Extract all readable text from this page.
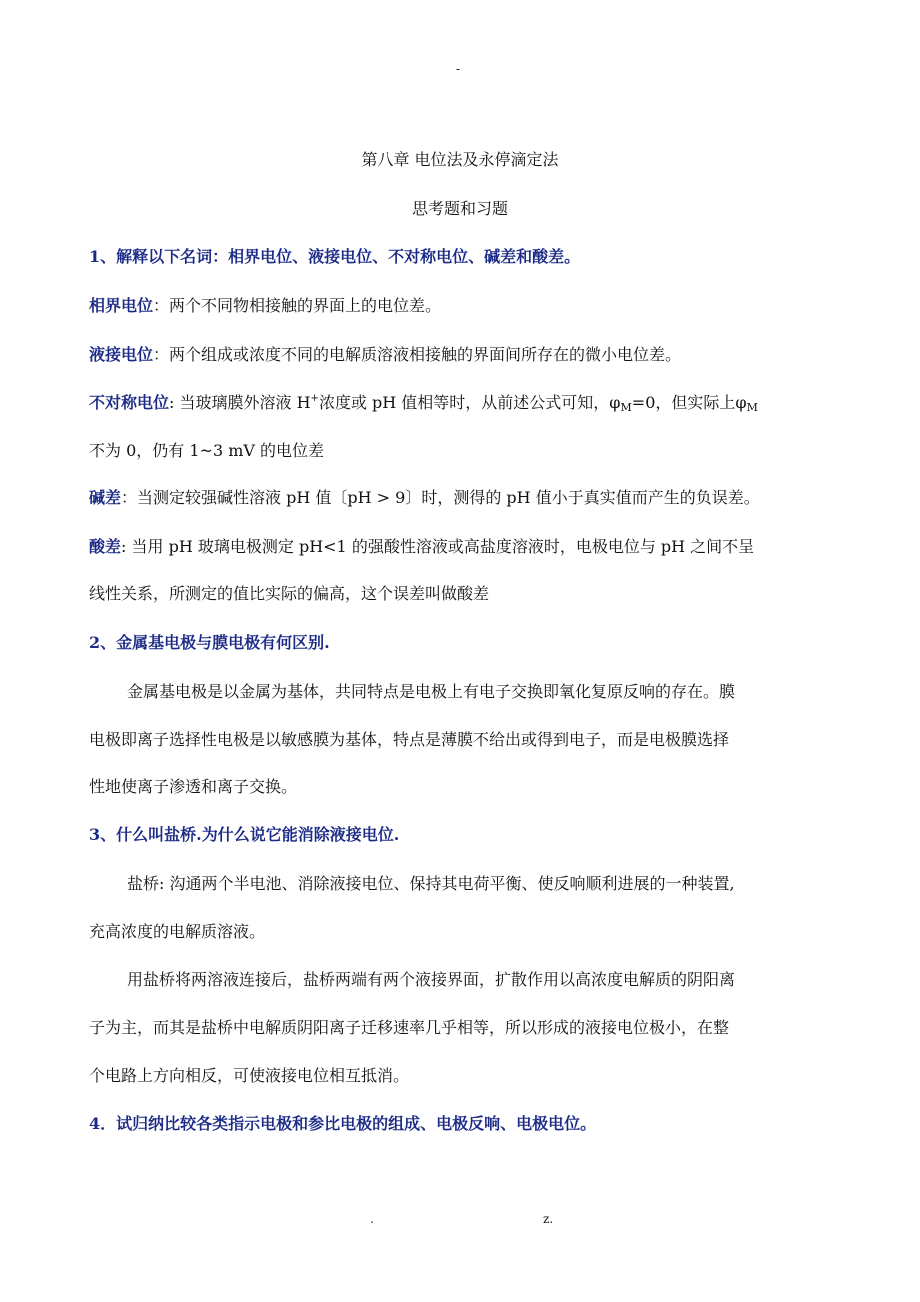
-
第八章 电位法及永停滴定法
思考题和习题
1、解释以下名词：相界电位、液接电位、不对称电位、碱差和酸差。
相界电位：两个不同物相接触的界面上的电位差。
液接电位：两个组成或浓度不同的电解质溶液相接触的界面间所存在的微小电位差。
不对称电位: 当玻璃膜外溶液 H+浓度或 pH 值相等时，从前述公式可知，$\varphi_M=0$，但实际上$\varphi_M$
不为 0，仍有 1~3 mV 的电位差
碱差：当测定较强碱性溶液 pH 值〔pH > 9〕时，测得的 pH 值小于真实值而产生的负误差。
酸差: 当用 pH 玻璃电极测定 pH<1 的强酸性溶液或高盐度溶液时，电极电位与 pH 之间不呈
线性关系，所测定的值比实际的偏高，这个误差叫做酸差
2、金属基电极与膜电极有何区别.
金属基电极是以金属为基体，共同特点是电极上有电子交换即氧化复原反响的存在。膜
电极即离子选择性电极是以敏感膜为基体，特点是薄膜不给出或得到电子，而是电极膜选择
性地使离子渗透和离子交换。
3、什么叫盐桥.为什么说它能消除液接电位.
盐桥: 沟通两个半电池、消除液接电位、保持其电荷平衡、使反响顺利进展的一种装置,
充高浓度的电解质溶液。
用盐桥将两溶液连接后，盐桥两端有两个液接界面，扩散作用以高浓度电解质的阴阳离
子为主，而其是盐桥中电解质阴阳离子迁移速率几乎相等，所以形成的液接电位极小，在整
个电路上方向相反，可使液接电位相互抵消。
4．试归纳比较各类指示电极和参比电极的组成、电极反响、电极电位。
.	z.
